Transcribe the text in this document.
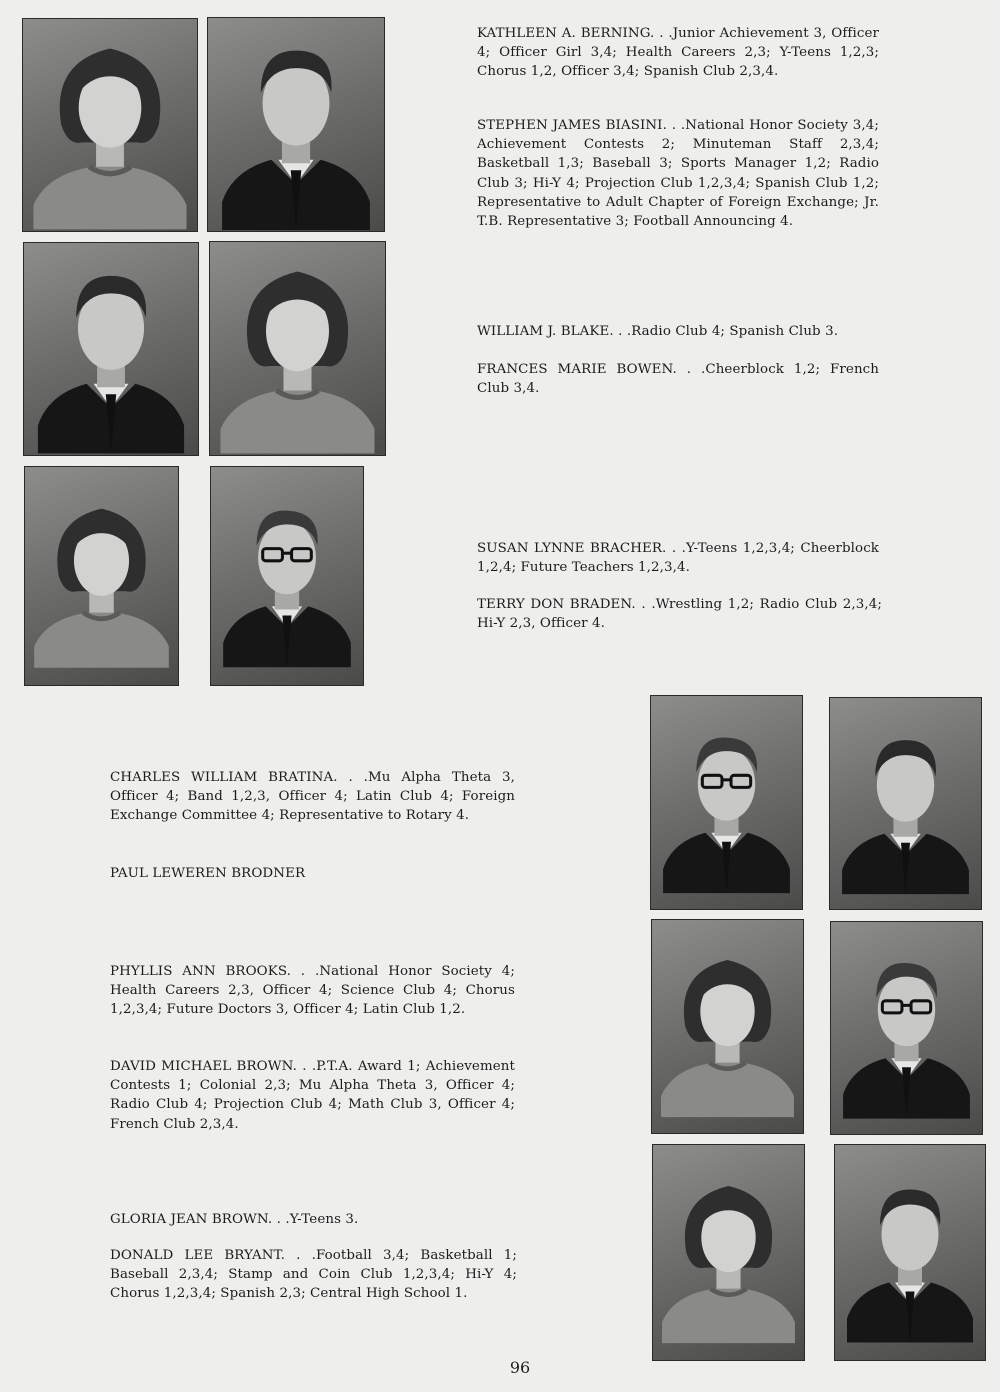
KATHLEEN A. BERNING. . .Junior Achievement 3, Officer 4; Officer Girl 3,4; Health Careers 2,3; Y-Teens 1,2,3; Chorus 1,2, Officer 3,4; Spanish Club 2,3,4.
STEPHEN JAMES BIASINI. . .National Honor Society 3,4; Achievement Contests 2; Minuteman Staff 2,3,4; Basketball 1,3; Baseball 3; Sports Manager 1,2; Radio Club 3; Hi-Y 4; Projection Club 1,2,3,4; Spanish Club 1,2; Representative to Adult Chapter of Foreign Exchange; Jr. T.B. Representative 3; Football Announcing 4.
WILLIAM J. BLAKE. . .Radio Club 4; Spanish Club 3.
FRANCES MARIE BOWEN. . .Cheerblock 1,2; French Club 3,4.
SUSAN LYNNE BRACHER. . .Y-Teens 1,2,3,4; Cheerblock 1,2,4; Future Teachers 1,2,3,4.
TERRY DON BRADEN. . .Wrestling 1,2; Radio Club 2,3,4; Hi-Y 2,3, Officer 4.
CHARLES WILLIAM BRATINA. . .Mu Alpha Theta 3, Officer 4; Band 1,2,3, Officer 4; Latin Club 4; Foreign Exchange Committee 4; Representative to Rotary 4.
PAUL LEWEREN BRODNER
PHYLLIS ANN BROOKS. . .National Honor Society 4; Health Careers 2,3, Officer 4; Science Club 4; Chorus 1,2,3,4; Future Doctors 3, Officer 4; Latin Club 1,2.
DAVID MICHAEL BROWN. . .P.T.A. Award 1; Achievement Contests 1; Colonial 2,3; Mu Alpha Theta 3, Officer 4; Radio Club 4; Projection Club 4; Math Club 3, Officer 4; French Club 2,3,4.
GLORIA JEAN BROWN. . .Y-Teens 3.
DONALD LEE BRYANT. . .Football 3,4; Basketball 1; Baseball 2,3,4; Stamp and Coin Club 1,2,3,4; Hi-Y 4; Chorus 1,2,3,4; Spanish 2,3; Central High School 1.
96
